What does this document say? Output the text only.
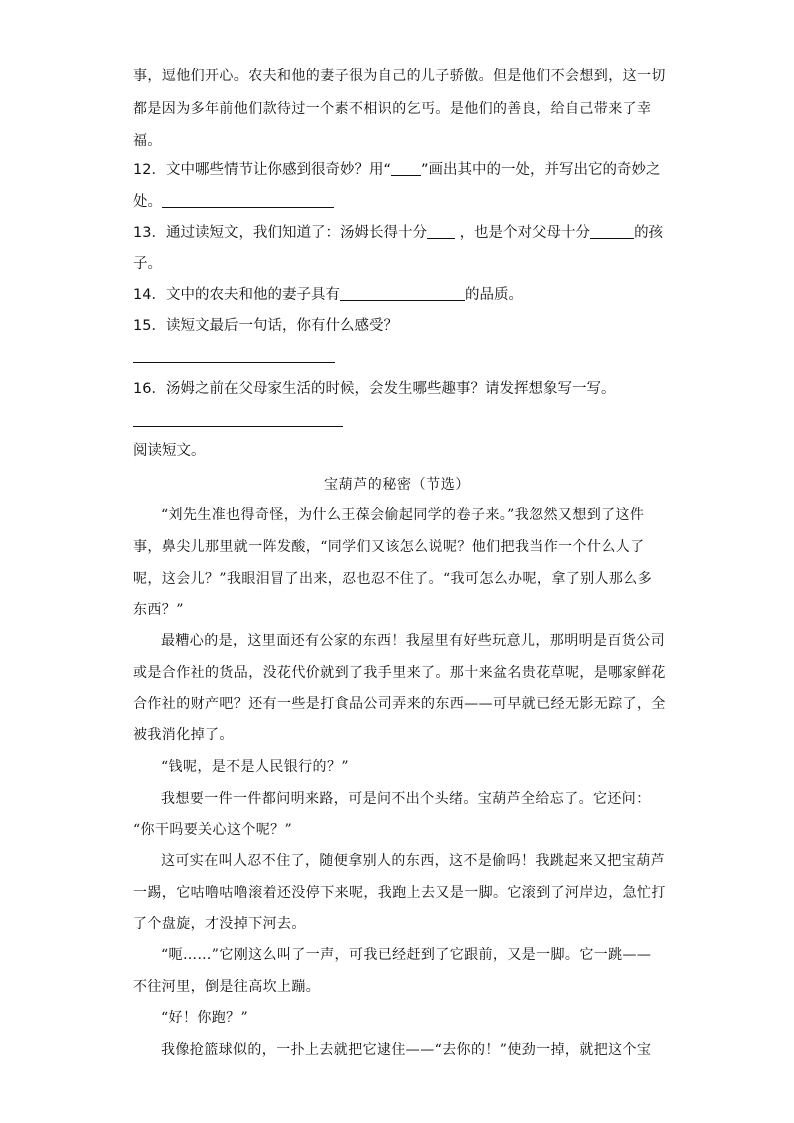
事，逗他们开心。农夫和他的妻子很为自己的儿子骄傲。但是他们不会想到，这一切
都是因为多年前他们款待过一个素不相识的乞丐。是他们的善良，给自己带来了幸
福。
12．文中哪些情节让你感到很奇妙？用“ ”画出其中的一处，并写出它的奇妙之
处。
13．通过读短文，我们知道了：汤姆长得十分 ，也是个对父母十分	的孩
子。
14．文中的农夫和他的妻子具有	的品质。
15．读短文最后一句话，你有什么感受？
16．汤姆之前在父母家生活的时候，会发生哪些趣事？请发挥想象写一写。
阅读短文。
宝葫芦的秘密（节选）
“刘先生准也得奇怪，为什么王葆会偷起同学的卷子来。”我忽然又想到了这件
事，鼻尖儿那里就一阵发酸，“同学们又该怎么说呢？他们把我当作一个什么人了
呢，这会儿？”我眼泪冒了出来，忍也忍不住了。“我可怎么办呢，拿了别人那么多
东西？”
最糟心的是，这里面还有公家的东西！我屋里有好些玩意儿，那明明是百货公司
或是合作社的货品，没花代价就到了我手里来了。那十来盆名贵花草呢，是哪家鲜花
合作社的财产吧？还有一些是打食品公司弄来的东西——可早就已经无影无踪了，全
被我消化掉了。
“钱呢，是不是人民银行的？”
我想要一件一件都问明来路，可是问不出个头绪。宝葫芦全给忘了。它还问：
“你干吗要关心这个呢？”
这可实在叫人忍不住了，随便拿别人的东西，这不是偷吗！我跳起来又把宝葫芦
一踢，它咕噜咕噜滚着还没停下来呢，我跑上去又是一脚。它滚到了河岸边，急忙打
了个盘旋，才没掉下河去。
“呃……”它刚这么叫了一声，可我已经赶到了它跟前，又是一脚。它一跳——
不往河里，倒是往高坎上蹦。
“好！你跑？”
我像抢篮球似的，一扑上去就把它逮住——“去你的！”使劲一掉，就把这个宝
